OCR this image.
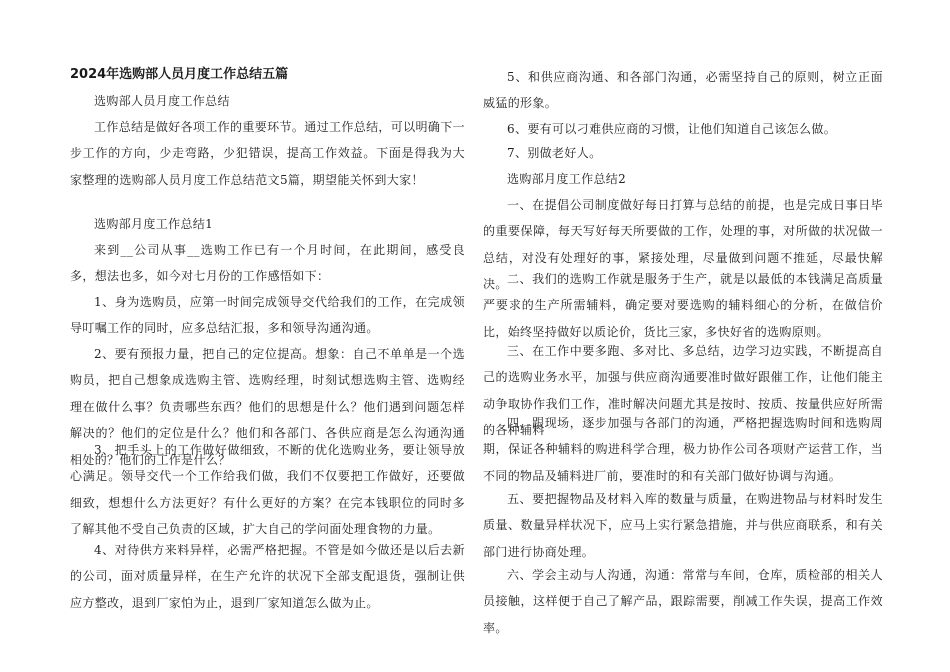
2024年选购部人员月度工作总结五篇

选购部人员月度工作总结

工作总结是做好各项工作的重要环节。通过工作总结，可以明确下一步工作的方向，少走弯路，少犯错误，提高工作效益。下面是得我为大家整理的选购部人员月度工作总结范文5篇，期望能关怀到大家！

选购部月度工作总结1

来到__公司从事__选购工作已有一个月时间，在此期间，感受良多，想法也多，如今对七月份的工作感悟如下：

1、身为选购员，应第一时间完成领导交代给我们的工作，在完成领导叮嘱工作的同时，应多总结汇报，多和领导沟通沟通。

2、要有预报力量，把自己的定位提高。想象：自己不单单是一个选购员，把自己想象成选购主管、选购经理，时刻试想选购主管、选购经理在做什么事？负责哪些东西？他们的思想是什么？他们遇到问题怎样解决的？他们的定位是什么？他们和各部门、各供应商是怎么沟通沟通相处的？他们的工作是什么？

3、把手头上的工作做好做细致，不断的优化选购业务，要让领导放心满足。领导交代一个工作给我们做，我们不仅要把工作做好，还要做细致，想想什么方法更好？有什么更好的方案？在完本钱职位的同时多了解其他不受自己负责的区域，扩大自己的学问面处理食物的力量。

4、对待供方来料异样，必需严格把握。不管是如今做还是以后去新的公司，面对质量异样，在生产允许的状况下全部支配退货，强制让供应方整改，退到厂家怕为止，退到厂家知道怎么做为止。

5、和供应商沟通、和各部门沟通，必需坚持自己的原则，树立正面威猛的形象。

6、要有可以刁难供应商的习惯，让他们知道自己该怎么做。

7、别做老好人。

选购部月度工作总结2

一、在提倡公司制度做好每日打算与总结的前提，也是完成日事日毕的重要保障，每天写好每天所要做的工作，处理的事，对所做的状况做一总结，对没有处理好的事，紧接处理，尽量做到问题不推延，尽最快解决。 二、我们的选购工作就是服务于生产，就是以最低的本钱满足高质量严要求的生产所需辅料，确定要对要选购的辅料细心的分析，在做信价比，始终坚持做好以质论价，货比三家，多快好省的选购原则。

三、在工作中要多跑、多对比、多总结，边学习边实践，不断提高自己的选购业务水平，加强与供应商沟通要准时做好跟催工作，让他们能主动争取协作我们工作，准时解决问题尤其是按时、按质、按量供应好所需的各种辅料

四、跟现场，逐步加强与各部门的沟通，严格把握选购时间和选购周期，保证各种辅料的购进科学合理，极力协作公司各项财产运营工作，当不同的物品及辅料进厂前，要准时的和有关部门做好协调与沟通。

五、要把握物品及材料入库的数量与质量，在购进物品与材料时发生质量、数量异样状况下，应马上实行紧急措施，并与供应商联系，和有关部门进行协商处理。

六、学会主动与人沟通，沟通：常常与车间，仓库，质检部的相关人员接触，这样便于自己了解产品，跟踪需要，削减工作失误，提高工作效率。
